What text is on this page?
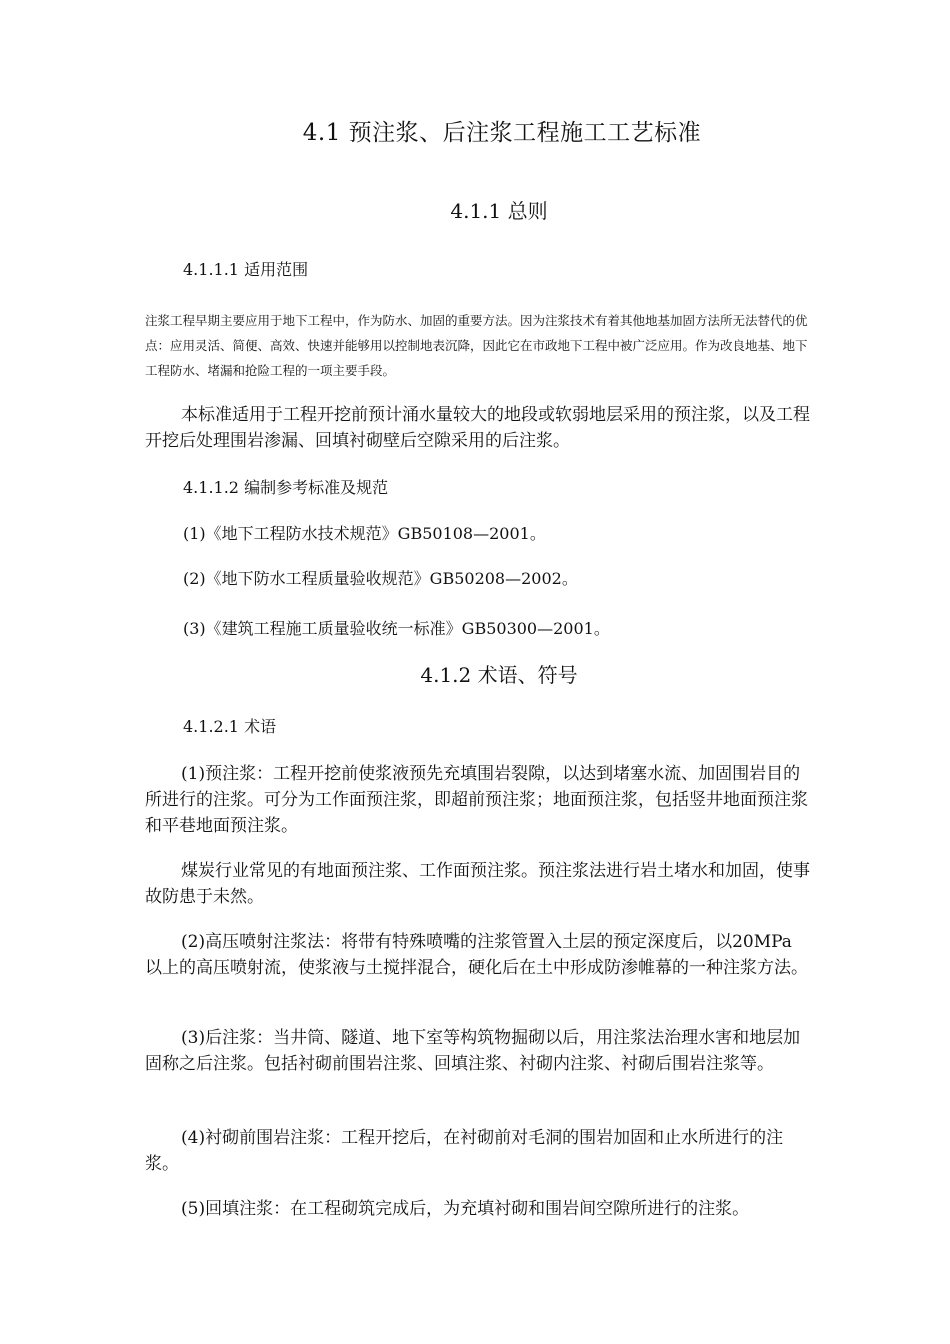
4.1 预注浆、后注浆工程施工工艺标准
4.1.1 总则
4.1.1.1 适用范围

注浆工程早期主要应用于地下工程中，作为防水、加固的重要方法。因为注浆技术有着其他地基加固方法所无法替代的优点：应用灵活、简便、高效、快速并能够用以控制地表沉降，因此它在市政地下工程中被广泛应用。作为改良地基、地下工程防水、堵漏和抢险工程的一项主要手段。

本标准适用于工程开挖前预计涌水量较大的地段或软弱地层采用的预注浆，以及工程开挖后处理围岩渗漏、回填衬砌壁后空隙采用的后注浆。

4.1.1.2 编制参考标准及规范
(1)《地下工程防水技术规范》GB50108—2001。
(2)《地下防水工程质量验收规范》GB50208—2002。
(3)《建筑工程施工质量验收统一标准》GB50300—2001。
4.1.2 术语、符号
4.1.2.1 术语

(1)预注浆：工程开挖前使浆液预先充填围岩裂隙，以达到堵塞水流、加固围岩目的所进行的注浆。可分为工作面预注浆，即超前预注浆；地面预注浆，包括竖井地面预注浆和平巷地面预注浆。

煤炭行业常见的有地面预注浆、工作面预注浆。预注浆法进行岩土堵水和加固，使事故防患于未然。

(2)高压喷射注浆法：将带有特殊喷嘴的注浆管置入土层的预定深度后，以20MPa 以上的高压喷射流，使浆液与土搅拌混合，硬化后在土中形成防渗帷幕的一种注浆方法。

(3)后注浆：当井筒、隧道、地下室等构筑物掘砌以后，用注浆法治理水害和地层加固称之后注浆。包括衬砌前围岩注浆、回填注浆、衬砌内注浆、衬砌后围岩注浆等。

(4)衬砌前围岩注浆：工程开挖后，在衬砌前对毛洞的围岩加固和止水所进行的注浆。

(5)回填注浆：在工程砌筑完成后，为充填衬砌和围岩间空隙所进行的注浆。
